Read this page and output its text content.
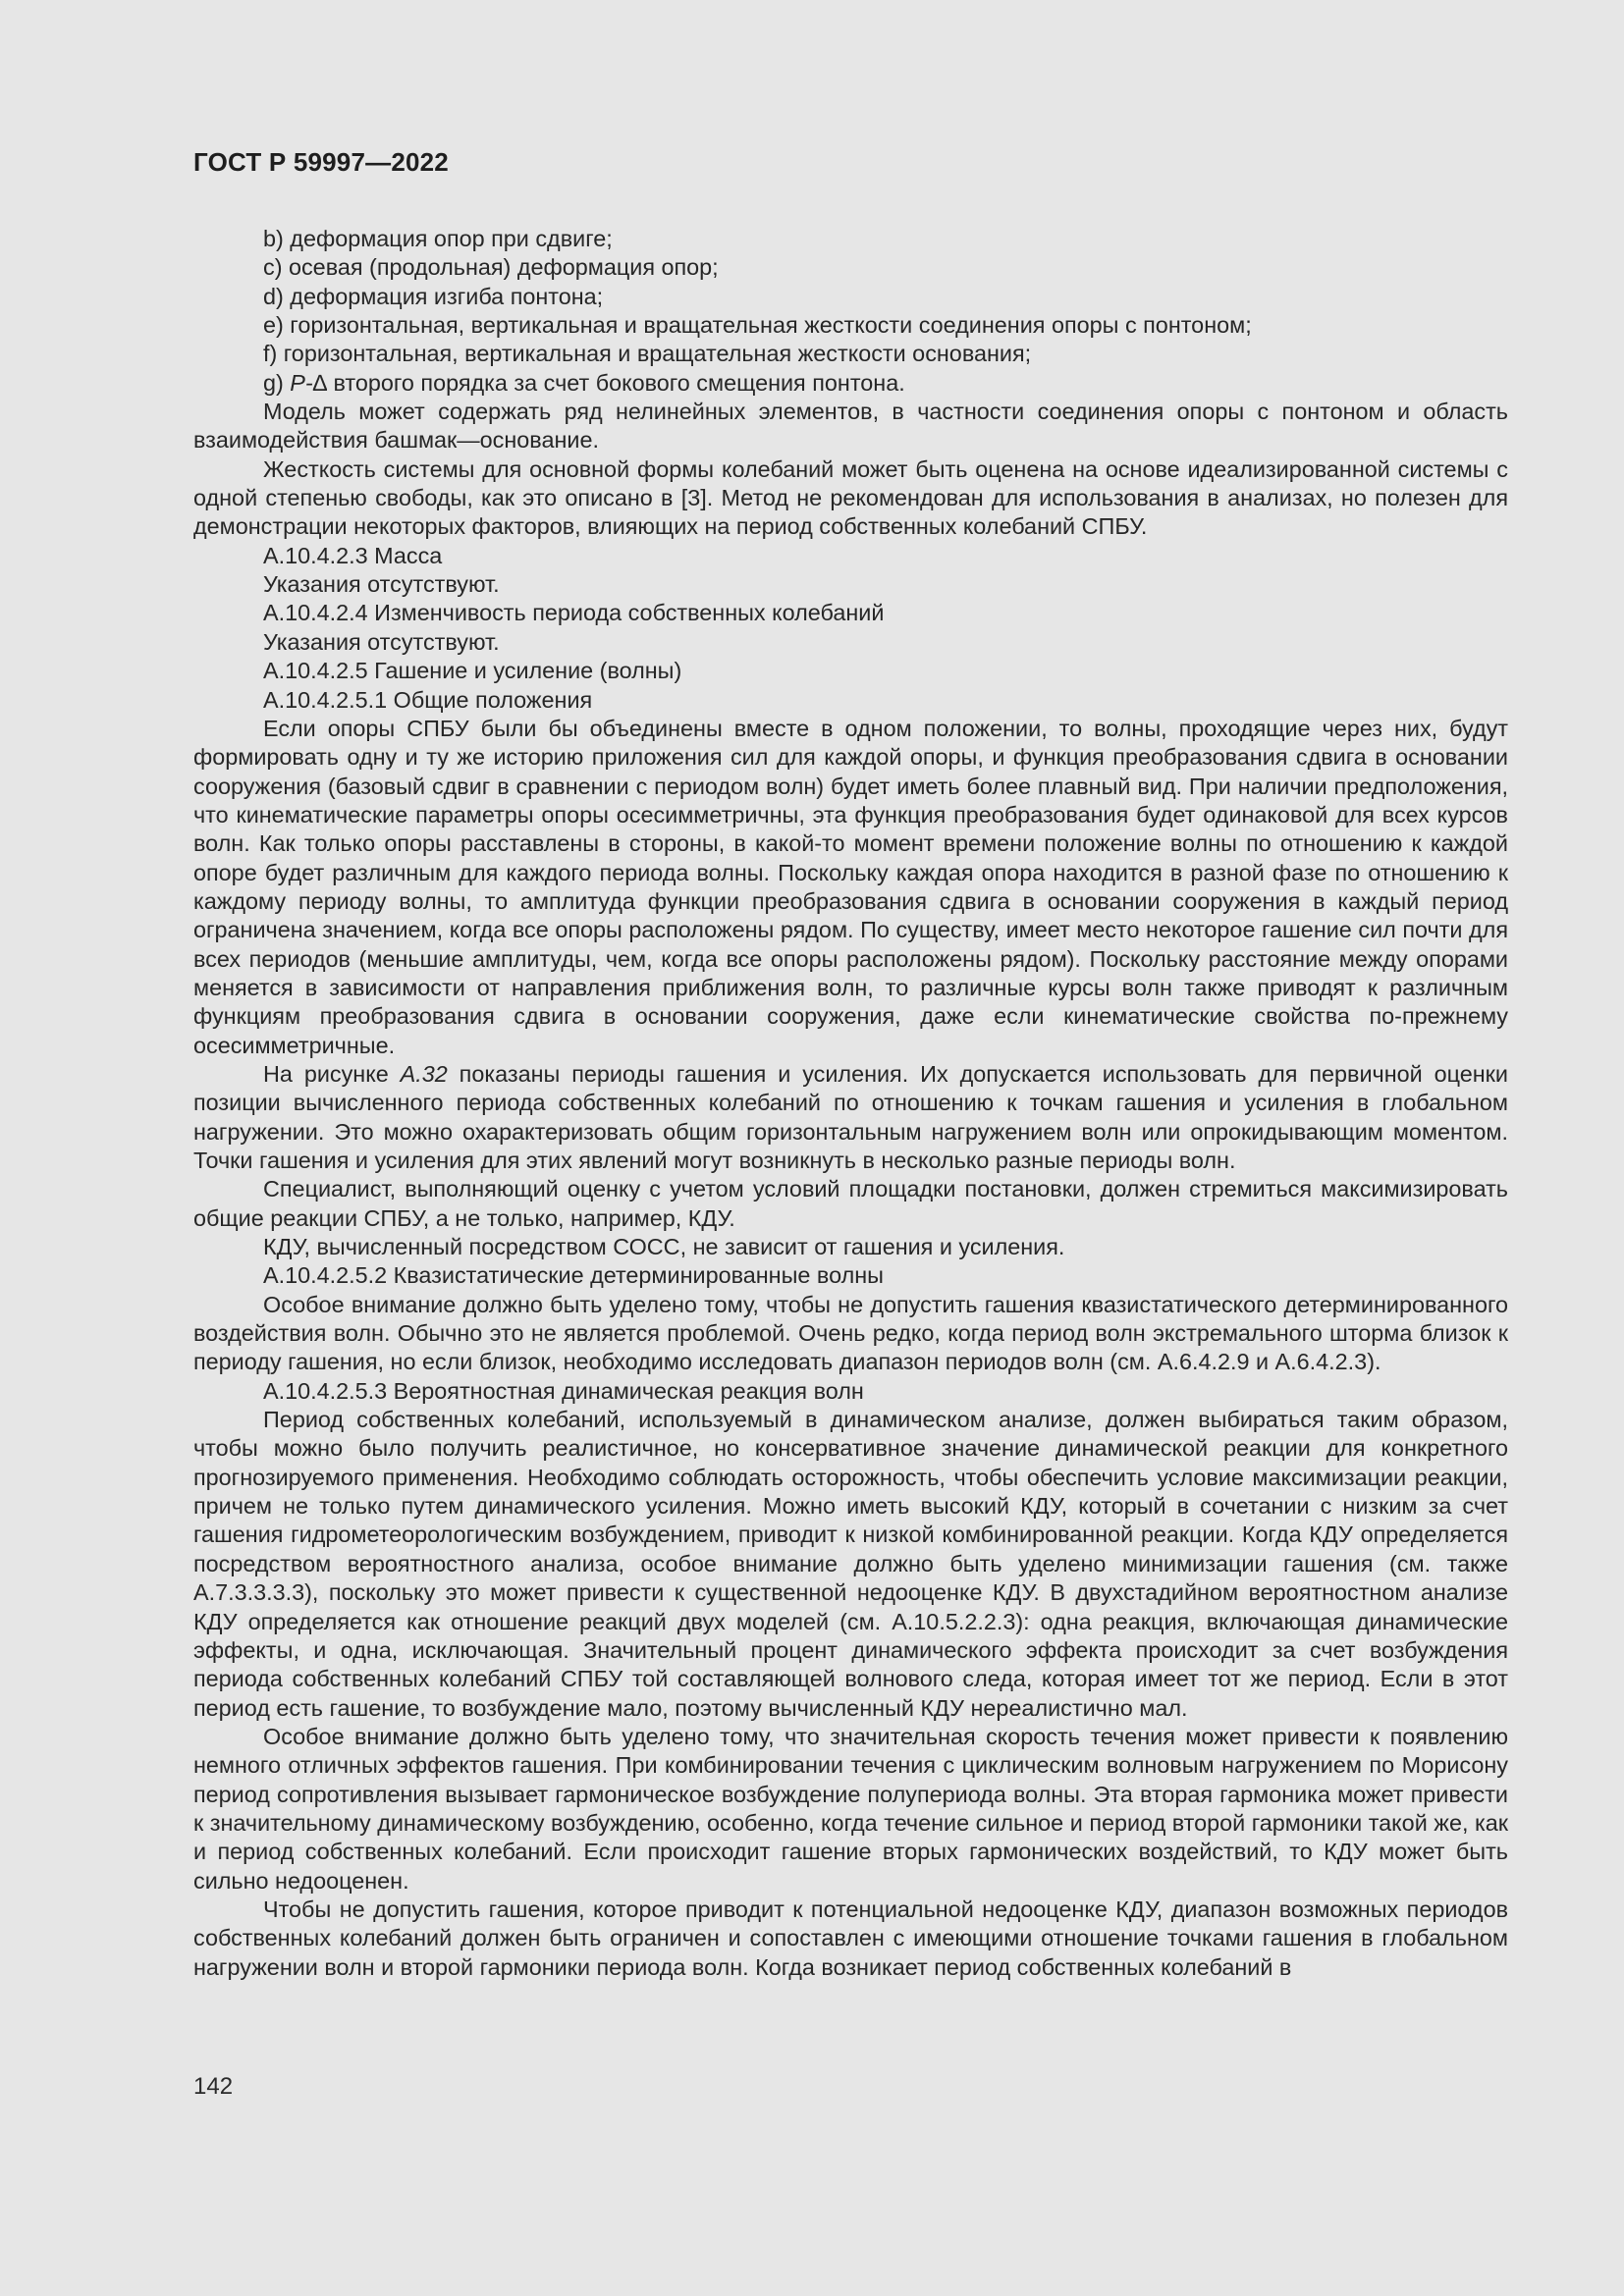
ГОСТ Р 59997—2022

b) деформация опор при сдвиге;

c) осевая (продольная) деформация опор;

d) деформация изгиба понтона;

e) горизонтальная, вертикальная и вращательная жесткости соединения опоры с понтоном;

f) горизонтальная, вертикальная и вращательная жесткости основания;

g) P-∆ второго порядка за счет бокового смещения понтона.

Модель может содержать ряд нелинейных элементов, в частности соединения опоры с понтоном и область взаимодействия башмак—основание.

Жесткость системы для основной формы колебаний может быть оценена на основе идеализированной системы с одной степенью свободы, как это описано в [3]. Метод не рекомендован для использования в анализах, но полезен для демонстрации некоторых факторов, влияющих на период собственных колебаний СПБУ.

А.10.4.2.3 Масса

Указания отсутствуют.

А.10.4.2.4 Изменчивость периода собственных колебаний

Указания отсутствуют.

А.10.4.2.5 Гашение и усиление (волны)

А.10.4.2.5.1 Общие положения

Если опоры СПБУ были бы объединены вместе в одном положении, то волны, проходящие через них, будут формировать одну и ту же историю приложения сил для каждой опоры, и функция преобразования сдвига в основании сооружения (базовый сдвиг в сравнении с периодом волн) будет иметь более плавный вид. При наличии предположения, что кинематические параметры опоры осесимметричны, эта функция преобразования будет одинаковой для всех курсов волн. Как только опоры расставлены в стороны, в какой-то момент времени положение волны по отношению к каждой опоре будет различным для каждого периода волны. Поскольку каждая опора находится в разной фазе по отношению к каждому периоду волны, то амплитуда функции преобразования сдвига в основании сооружения в каждый период ограничена значением, когда все опоры расположены рядом. По существу, имеет место некоторое гашение сил почти для всех периодов (меньшие амплитуды, чем, когда все опоры расположены рядом). Поскольку расстояние между опорами меняется в зависимости от направления приближения волн, то различные курсы волн также приводят к различным функциям преобразования сдвига в основании сооружения, даже если кинематические свойства по-прежнему осесимметричные.

На рисунке А.32 показаны периоды гашения и усиления. Их допускается использовать для первичной оценки позиции вычисленного периода собственных колебаний по отношению к точкам гашения и усиления в глобальном нагружении. Это можно охарактеризовать общим горизонтальным нагружением волн или опрокидывающим моментом. Точки гашения и усиления для этих явлений могут возникнуть в несколько разные периоды волн.

Специалист, выполняющий оценку с учетом условий площадки постановки, должен стремиться максимизировать общие реакции СПБУ, а не только, например, КДУ.

КДУ, вычисленный посредством СОСС, не зависит от гашения и усиления.

А.10.4.2.5.2 Квазистатические детерминированные волны

Особое внимание должно быть уделено тому, чтобы не допустить гашения квазистатического детерминированного воздействия волн. Обычно это не является проблемой. Очень редко, когда период волн экстремального шторма близок к периоду гашения, но если близок, необходимо исследовать диапазон периодов волн (см. А.6.4.2.9 и А.6.4.2.3).

А.10.4.2.5.3 Вероятностная динамическая реакция волн

Период собственных колебаний, используемый в динамическом анализе, должен выбираться таким образом, чтобы можно было получить реалистичное, но консервативное значение динамической реакции для конкретного прогнозируемого применения. Необходимо соблюдать осторожность, чтобы обеспечить условие максимизации реакции, причем не только путем динамического усиления. Можно иметь высокий КДУ, который в сочетании с низким за счет гашения гидрометеорологическим возбуждением, приводит к низкой комбинированной реакции. Когда КДУ определяется посредством вероятностного анализа, особое внимание должно быть уделено минимизации гашения (см. также А.7.3.3.3.3), поскольку это может привести к существенной недооценке КДУ. В двухстадийном вероятностном анализе КДУ определяется как отношение реакций двух моделей (см. А.10.5.2.2.3): одна реакция, включающая динамические эффекты, и одна, исключающая. Значительный процент динамического эффекта происходит за счет возбуждения периода собственных колебаний СПБУ той составляющей волнового следа, которая имеет тот же период. Если в этот период есть гашение, то возбуждение мало, поэтому вычисленный КДУ нереалистично мал.

Особое внимание должно быть уделено тому, что значительная скорость течения может привести к появлению немного отличных эффектов гашения. При комбинировании течения с циклическим волновым нагружением по Морисону период сопротивления вызывает гармоническое возбуждение полупериода волны. Эта вторая гармоника может привести к значительному динамическому возбуждению, особенно, когда течение сильное и период второй гармоники такой же, как и период собственных колебаний. Если происходит гашение вторых гармонических воздействий, то КДУ может быть сильно недооценен.

Чтобы не допустить гашения, которое приводит к потенциальной недооценке КДУ, диапазон возможных периодов собственных колебаний должен быть ограничен и сопоставлен с имеющими отношение точками гашения в глобальном нагружении волн и второй гармоники периода волн. Когда возникает период собственных колебаний в

142
